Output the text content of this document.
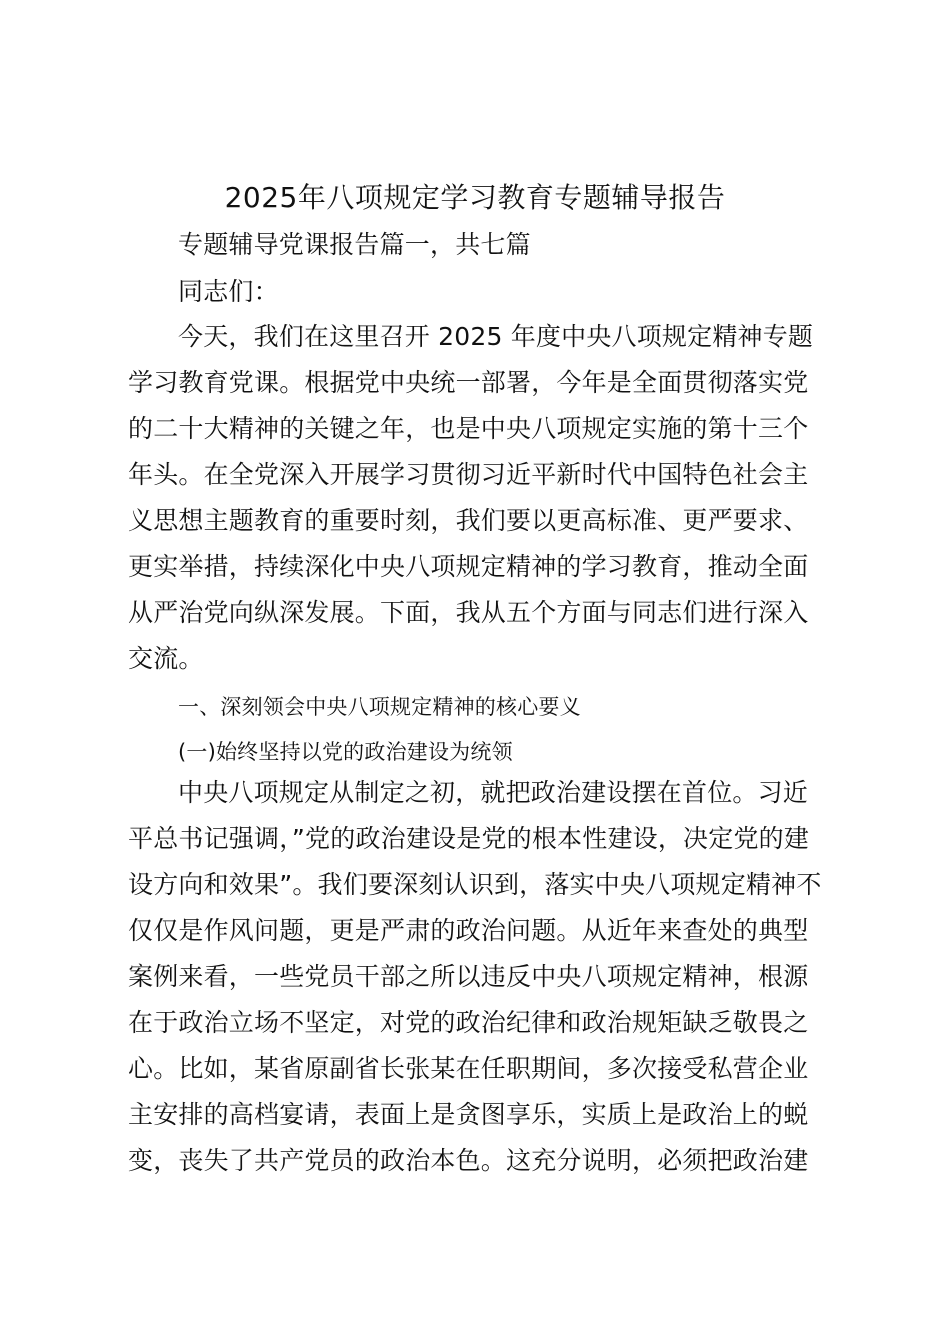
2025年八项规定学习教育专题辅导报告
专题辅导党课报告篇一，共七篇
同志们：
今天，我们在这里召开 2025 年度中央八项规定精神专题
学习教育党课。根据党中央统一部署，今年是全面贯彻落实党
的二十大精神的关键之年，也是中央八项规定实施的第十三个
年头。在全党深入开展学习贯彻习近平新时代中国特色社会主
义思想主题教育的重要时刻，我们要以更高标准、更严要求、
更实举措，持续深化中央八项规定精神的学习教育，推动全面
从严治党向纵深发展。下面，我从五个方面与同志们进行深入
交流。
一、深刻领会中央八项规定精神的核心要义
(一)始终坚持以党的政治建设为统领
中央八项规定从制定之初，就把政治建设摆在首位。习近
平总书记强调，”党的政治建设是党的根本性建设，决定党的建
设方向和效果”。我们要深刻认识到，落实中央八项规定精神不
仅仅是作风问题，更是严肃的政治问题。从近年来查处的典型
案例来看，一些党员干部之所以违反中央八项规定精神，根源
在于政治立场不坚定，对党的政治纪律和政治规矩缺乏敬畏之
心。比如，某省原副省长张某在任职期间，多次接受私营企业
主安排的高档宴请，表面上是贪图享乐，实质上是政治上的蜕
变，丧失了共产党员的政治本色。这充分说明，必须把政治建
